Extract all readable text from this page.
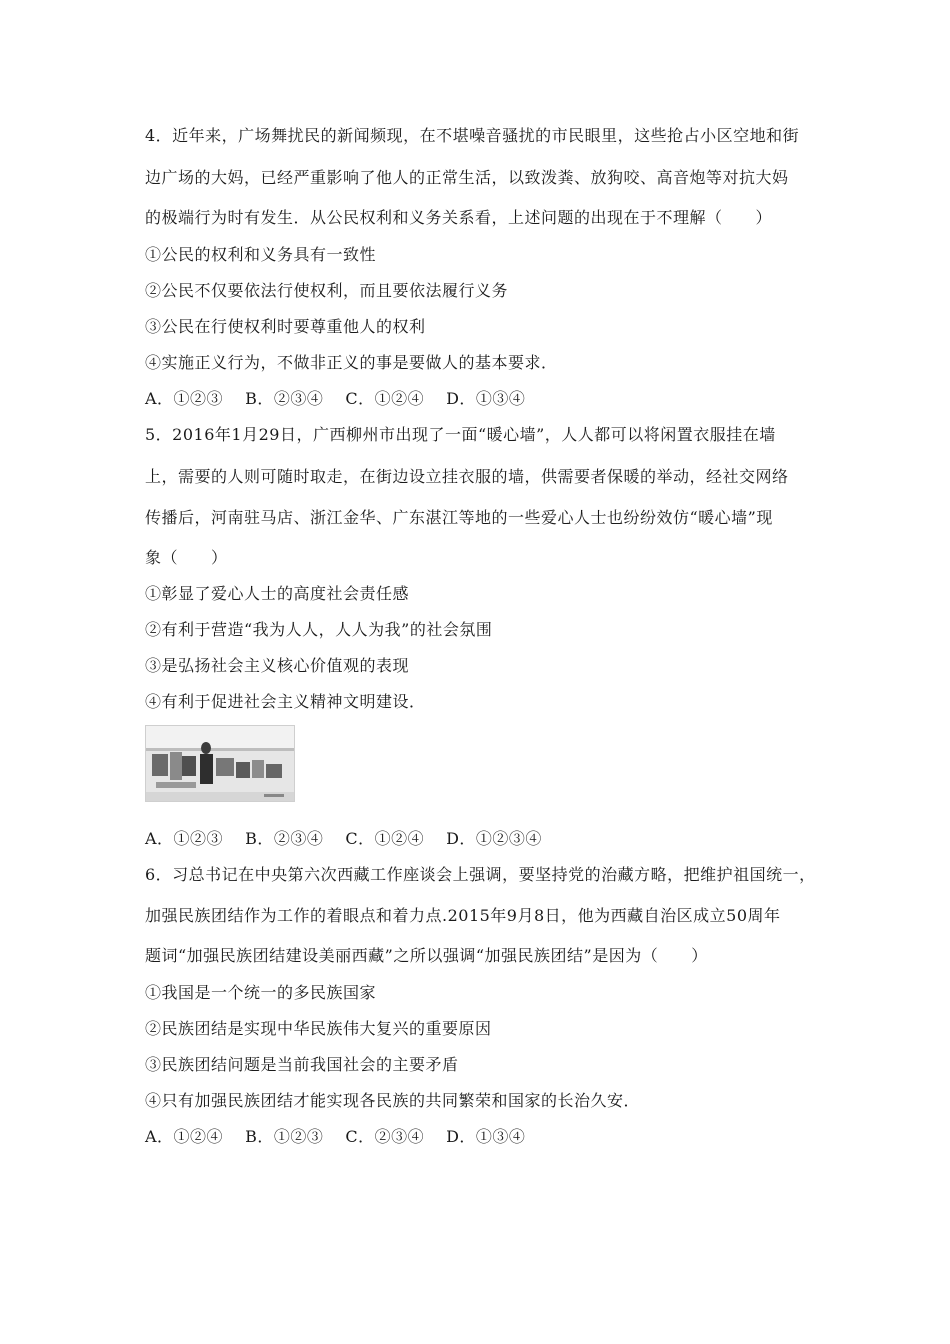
4．近年来，广场舞扰民的新闻频现，在不堪噪音骚扰的市民眼里，这些抢占小区空地和街
边广场的大妈，已经严重影响了他人的正常生活，以致泼粪、放狗咬、高音炮等对抗大妈
的极端行为时有发生．从公民权利和义务关系看，上述问题的出现在于不理解（　　）
①公民的权利和义务具有一致性
②公民不仅要依法行使权利，而且要依法履行义务
③公民在行使权利时要尊重他人的权利
④实施正义行为，不做非正义的事是要做人的基本要求．
A．①②③ B．②③④ C．①②④ D．①③④
5．2016年1月29日，广西柳州市出现了一面“暖心墙”，人人都可以将闲置衣服挂在墙
上，需要的人则可随时取走，在街边设立挂衣服的墙，供需要者保暖的举动，经社交网络
传播后，河南驻马店、浙江金华、广东湛江等地的一些爱心人士也纷纷效仿“暖心墙”现
象（　　）
①彰显了爱心人士的高度社会责任感
②有利于营造“我为人人，人人为我”的社会氛围
③是弘扬社会主义核心价值观的表现
④有利于促进社会主义精神文明建设．
A．①②③ B．②③④ C．①②④ D．①②③④
6．习总书记在中央第六次西藏工作座谈会上强调，要坚持党的治藏方略，把维护祖国统一，
加强民族团结作为工作的着眼点和着力点.2015年9月8日，他为西藏自治区成立50周年
题词“加强民族团结建设美丽西藏”之所以强调“加强民族团结”是因为（　　）
①我国是一个统一的多民族国家
②民族团结是实现中华民族伟大复兴的重要原因
③民族团结问题是当前我国社会的主要矛盾
④只有加强民族团结才能实现各民族的共同繁荣和国家的长治久安．
A．①②④ B．①②③ C．②③④ D．①③④
